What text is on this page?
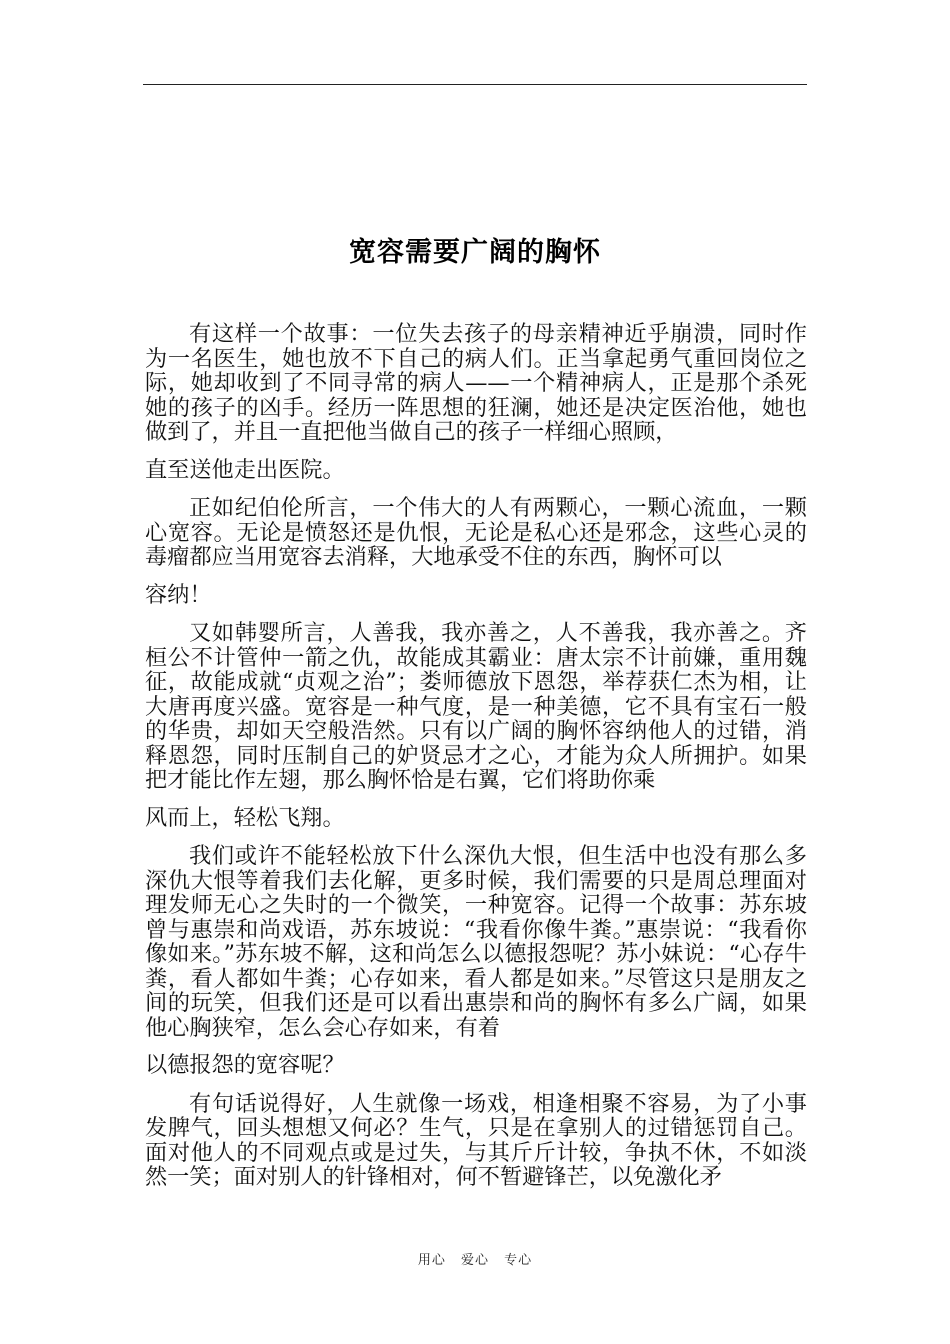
宽容需要广阔的胸怀

有这样一个故事：一位失去孩子的母亲精神近乎崩溃，同时作为一名医生，她也放不下自己的病人们。正当拿起勇气重回岗位之际，她却收到了不同寻常的病人——一个精神病人，正是那个杀死她的孩子的凶手。经历一阵思想的狂澜，她还是决定医治他，她也做到了，并且一直把他当做自己的孩子一样细心照顾，
直至送他走出医院。

正如纪伯伦所言，一个伟大的人有两颗心，一颗心流血，一颗心宽容。无论是愤怒还是仇恨，无论是私心还是邪念，这些心灵的毒瘤都应当用宽容去消释，大地承受不住的东西，胸怀可以
容纳！

又如韩婴所言，人善我，我亦善之，人不善我，我亦善之。齐桓公不计管仲一箭之仇，故能成其霸业：唐太宗不计前嫌，重用魏征，故能成就“贞观之治”；娄师德放下恩怨，举荐获仁杰为相，让大唐再度兴盛。宽容是一种气度，是一种美德，它不具有宝石一般的华贵，却如天空般浩然。只有以广阔的胸怀容纳他人的过错，消释恩怨，同时压制自己的妒贤忌才之心，才能为众人所拥护。如果把才能比作左翅，那么胸怀恰是右翼，它们将助你乘
风而上，轻松飞翔。

我们或许不能轻松放下什么深仇大恨，但生活中也没有那么多深仇大恨等着我们去化解，更多时候，我们需要的只是周总理面对理发师无心之失时的一个微笑，一种宽容。记得一个故事：苏东坡曾与惠崇和尚戏语，苏东坡说：“我看你像牛粪。”惠崇说：“我看你像如来。”苏东坡不解，这和尚怎么以德报怨呢？苏小妹说：“心存牛粪，看人都如牛粪；心存如来，看人都是如来。”尽管这只是朋友之间的玩笑，但我们还是可以看出惠崇和尚的胸怀有多么广阔，如果他心胸狭窄，怎么会心存如来，有着
以德报怨的宽容呢？

有句话说得好，人生就像一场戏，相逢相聚不容易，为了小事发脾气，回头想想又何必？生气，只是在拿别人的过错惩罚自己。面对他人的不同观点或是过失，与其斤斤计较，争执不休，不如淡然一笑；面对别人的针锋相对，何不暂避锋芒，以免激化矛

用心 爱心 专心
